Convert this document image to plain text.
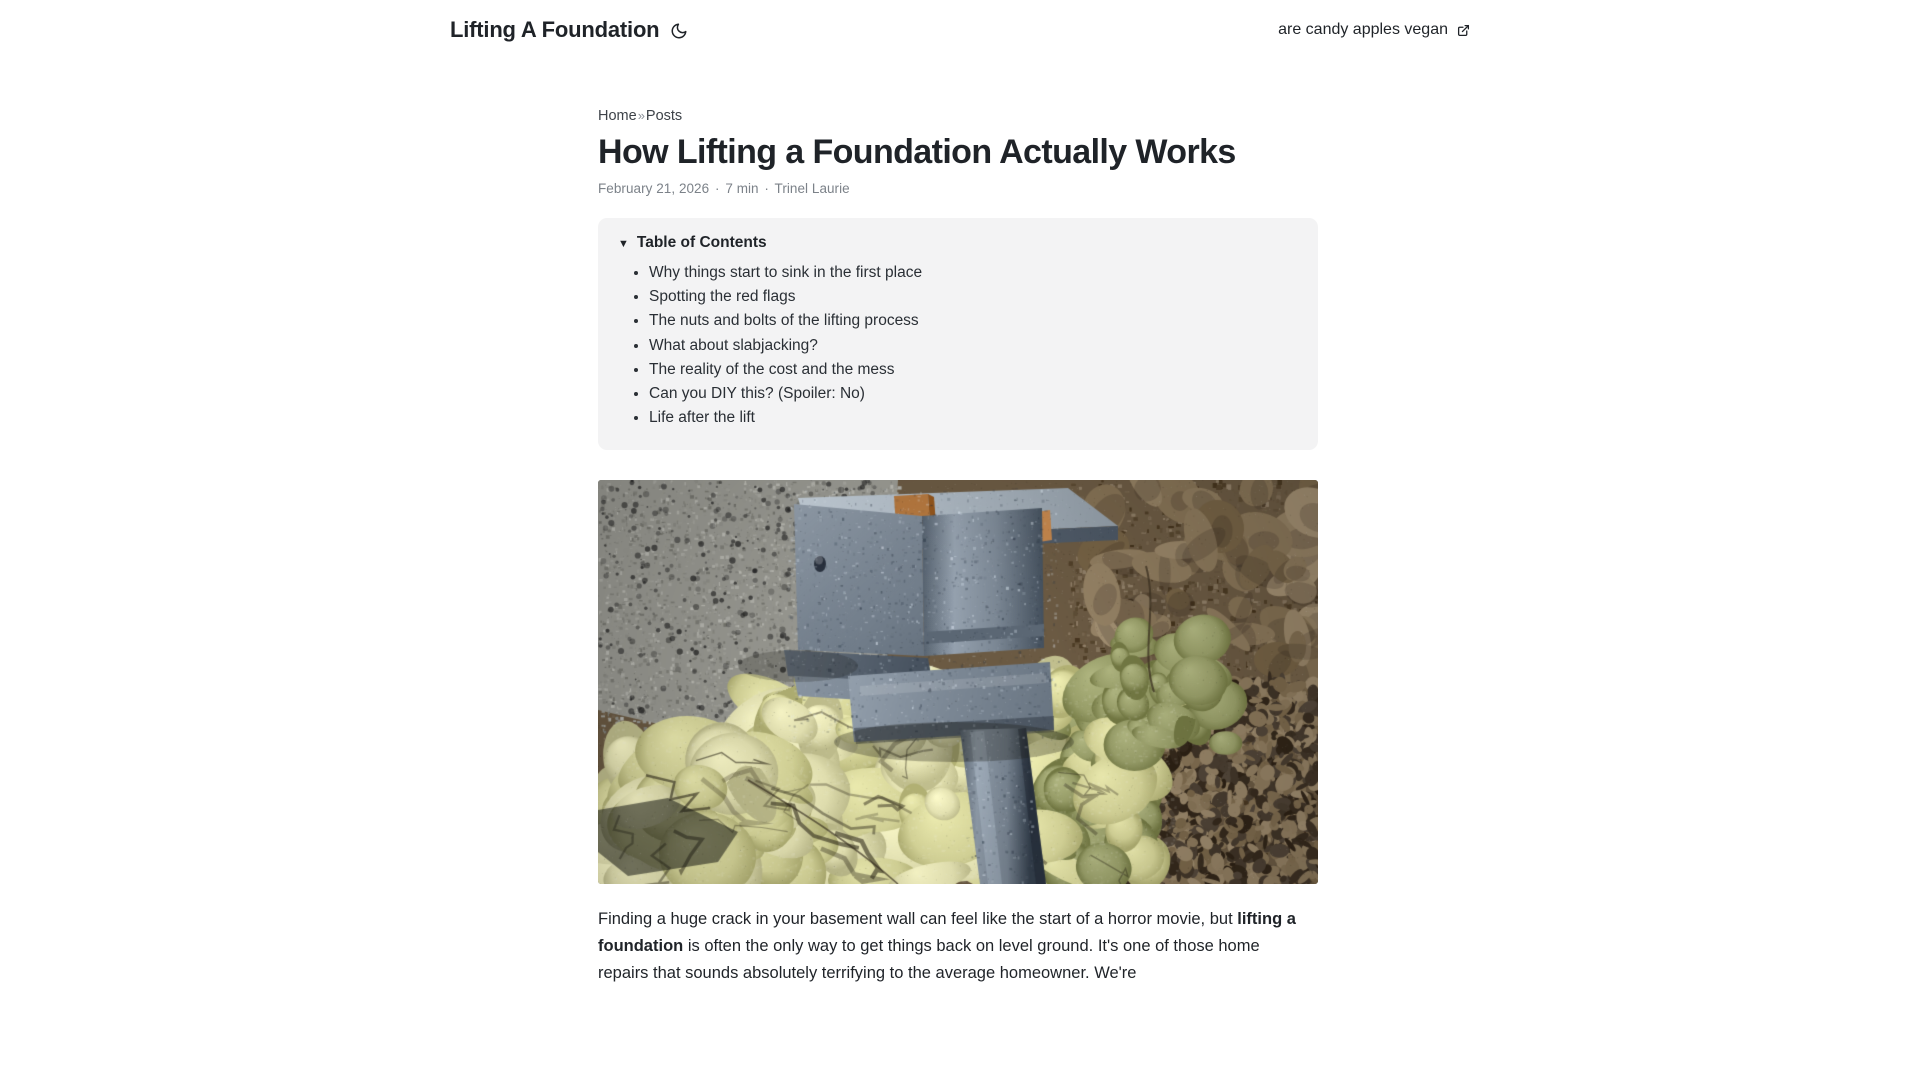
Lifting A Foundation	are candy apples vegan
Home»Posts
How Lifting a Foundation Actually Works
February 21, 2026 · 7 min · Trinel Laurie
▼ Table of Contents
Why things start to sink in the first place
Spotting the red flags
The nuts and bolts of the lifting process
What about slabjacking?
The reality of the cost and the mess
Can you DIY this? (Spoiler: No)
Life after the lift

Finding a huge crack in your basement wall can feel like the start of a horror movie, but lifting a foundation is often the only way to get things back on level ground. It's one of those home repairs that sounds absolutely terrifying to the average homeowner. We're
